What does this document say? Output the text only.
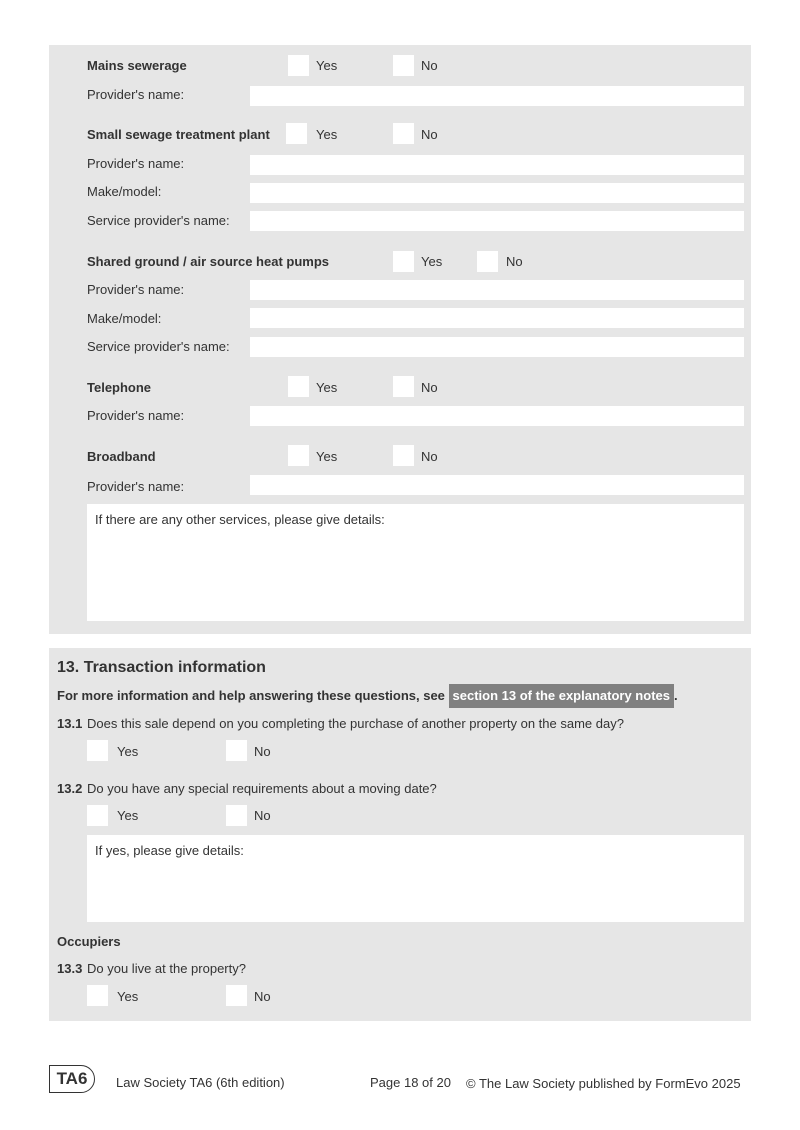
Mains sewerage	Yes	No
Provider's name:
Small sewage treatment plant	Yes	No
Provider's name:
Make/model:
Service provider's name:
Shared ground / air source heat pumps	Yes	No
Provider's name:
Make/model:
Service provider's name:
Telephone	Yes	No
Provider's name:
Broadband	Yes	No
Provider's name:
If there are any other services, please give details:
13. Transaction information
For more information and help answering these questions, see section 13 of the explanatory notes .
13.1 Does this sale depend on you completing the purchase of another property on the same day?
Yes	No
13.2 Do you have any special requirements about a moving date?
Yes	No
If yes, please give details:
Occupiers
13.3 Do you live at the property?
Yes	No
TA6	Law Society TA6 (6th edition)	Page 18 of 20 © The Law Society published by FormEvo 2025
